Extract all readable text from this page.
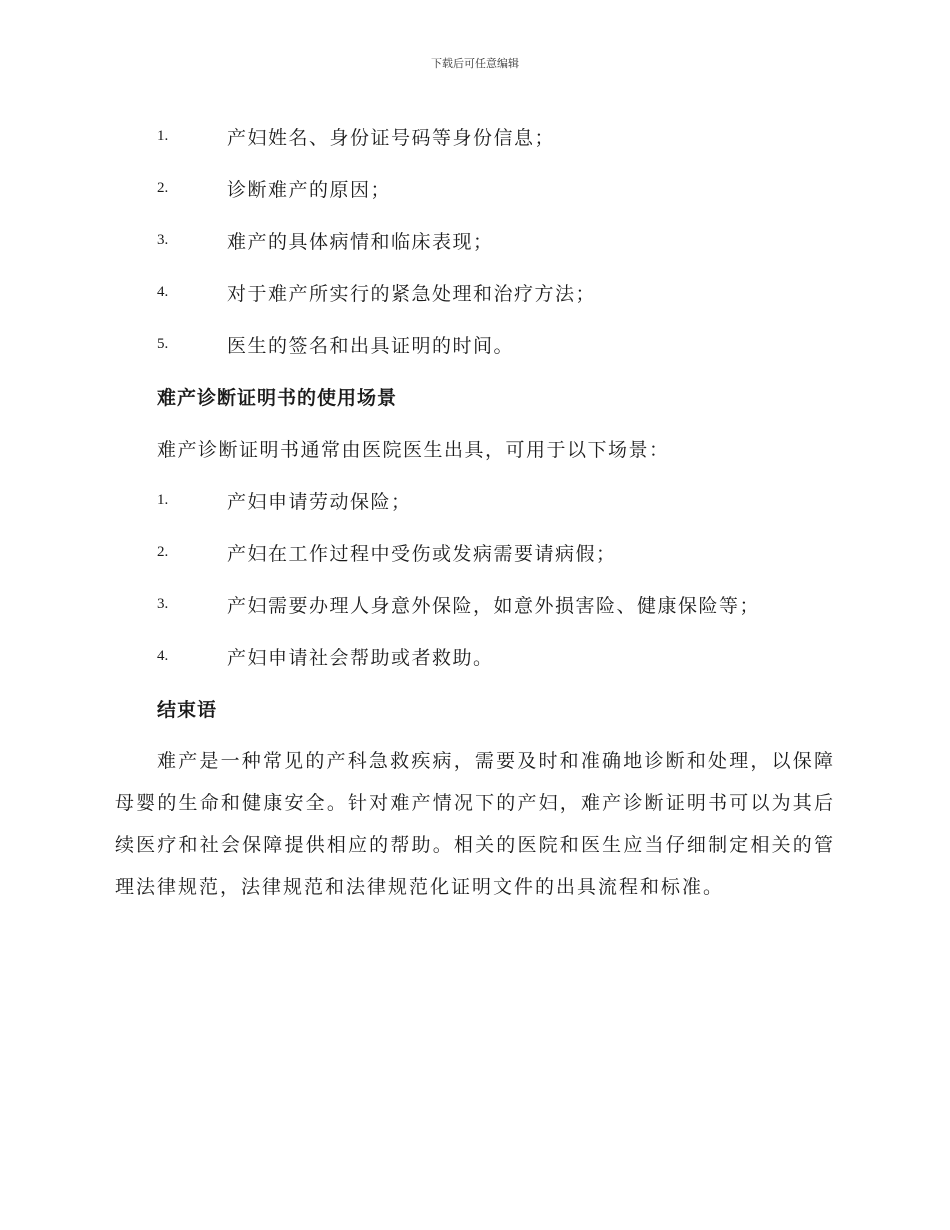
下载后可任意编辑
1.	产妇姓名、身份证号码等身份信息；
2.	诊断难产的原因；
3.	难产的具体病情和临床表现；
4.	对于难产所实行的紧急处理和治疗方法；
5.	医生的签名和出具证明的时间。
难产诊断证明书的使用场景
难产诊断证明书通常由医院医生出具，可用于以下场景：
1.	产妇申请劳动保险；
2.	产妇在工作过程中受伤或发病需要请病假；
3.	产妇需要办理人身意外保险，如意外损害险、健康保险等；
4.	产妇申请社会帮助或者救助。
结束语

难产是一种常见的产科急救疾病，需要及时和准确地诊断和处理，以保障母婴的生命和健康安全。针对难产情况下的产妇，难产诊断证明书可以为其后续医疗和社会保障提供相应的帮助。相关的医院和医生应当仔细制定相关的管理法律规范，法律规范和法律规范化证明文件的出具流程和标准。
